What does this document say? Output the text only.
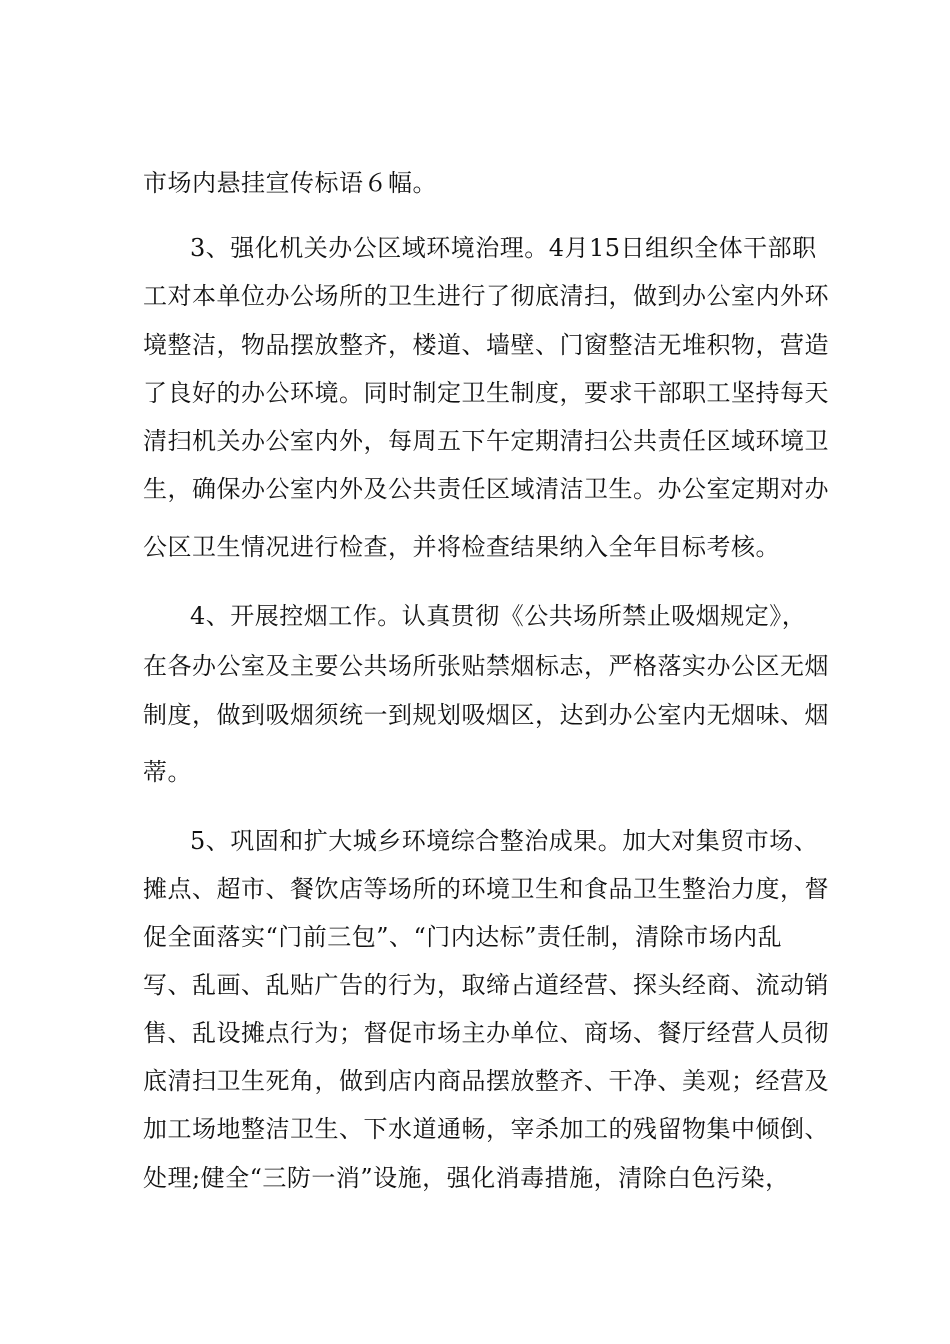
市场内悬挂宣传标语６幅。
3、强化机关办公区域环境治理。4月15日组织全体干部职
工对本单位办公场所的卫生进行了彻底清扫，做到办公室内外环
境整洁，物品摆放整齐，楼道、墙壁、门窗整洁无堆积物，营造
了良好的办公环境。同时制定卫生制度，要求干部职工坚持每天
清扫机关办公室内外，每周五下午定期清扫公共责任区域环境卫
生，确保办公室内外及公共责任区域清洁卫生。办公室定期对办
公区卫生情况进行检查，并将检查结果纳入全年目标考核。
4、开展控烟工作。认真贯彻《公共场所禁止吸烟规定》，
在各办公室及主要公共场所张贴禁烟标志，严格落实办公区无烟
制度，做到吸烟须统一到规划吸烟区，达到办公室内无烟味、烟
蒂。
5、巩固和扩大城乡环境综合整治成果。加大对集贸市场、
摊点、超市、餐饮店等场所的环境卫生和食品卫生整治力度，督
促全面落实“门前三包”、“门内达标”责任制，清除市场内乱
写、乱画、乱贴广告的行为，取缔占道经营、探头经商、流动销
售、乱设摊点行为；督促市场主办单位、商场、餐厅经营人员彻
底清扫卫生死角，做到店内商品摆放整齐、干净、美观；经营及
加工场地整洁卫生、下水道通畅，宰杀加工的残留物集中倾倒、
处理;健全“三防一消”设施，强化消毒措施，清除白色污染，
